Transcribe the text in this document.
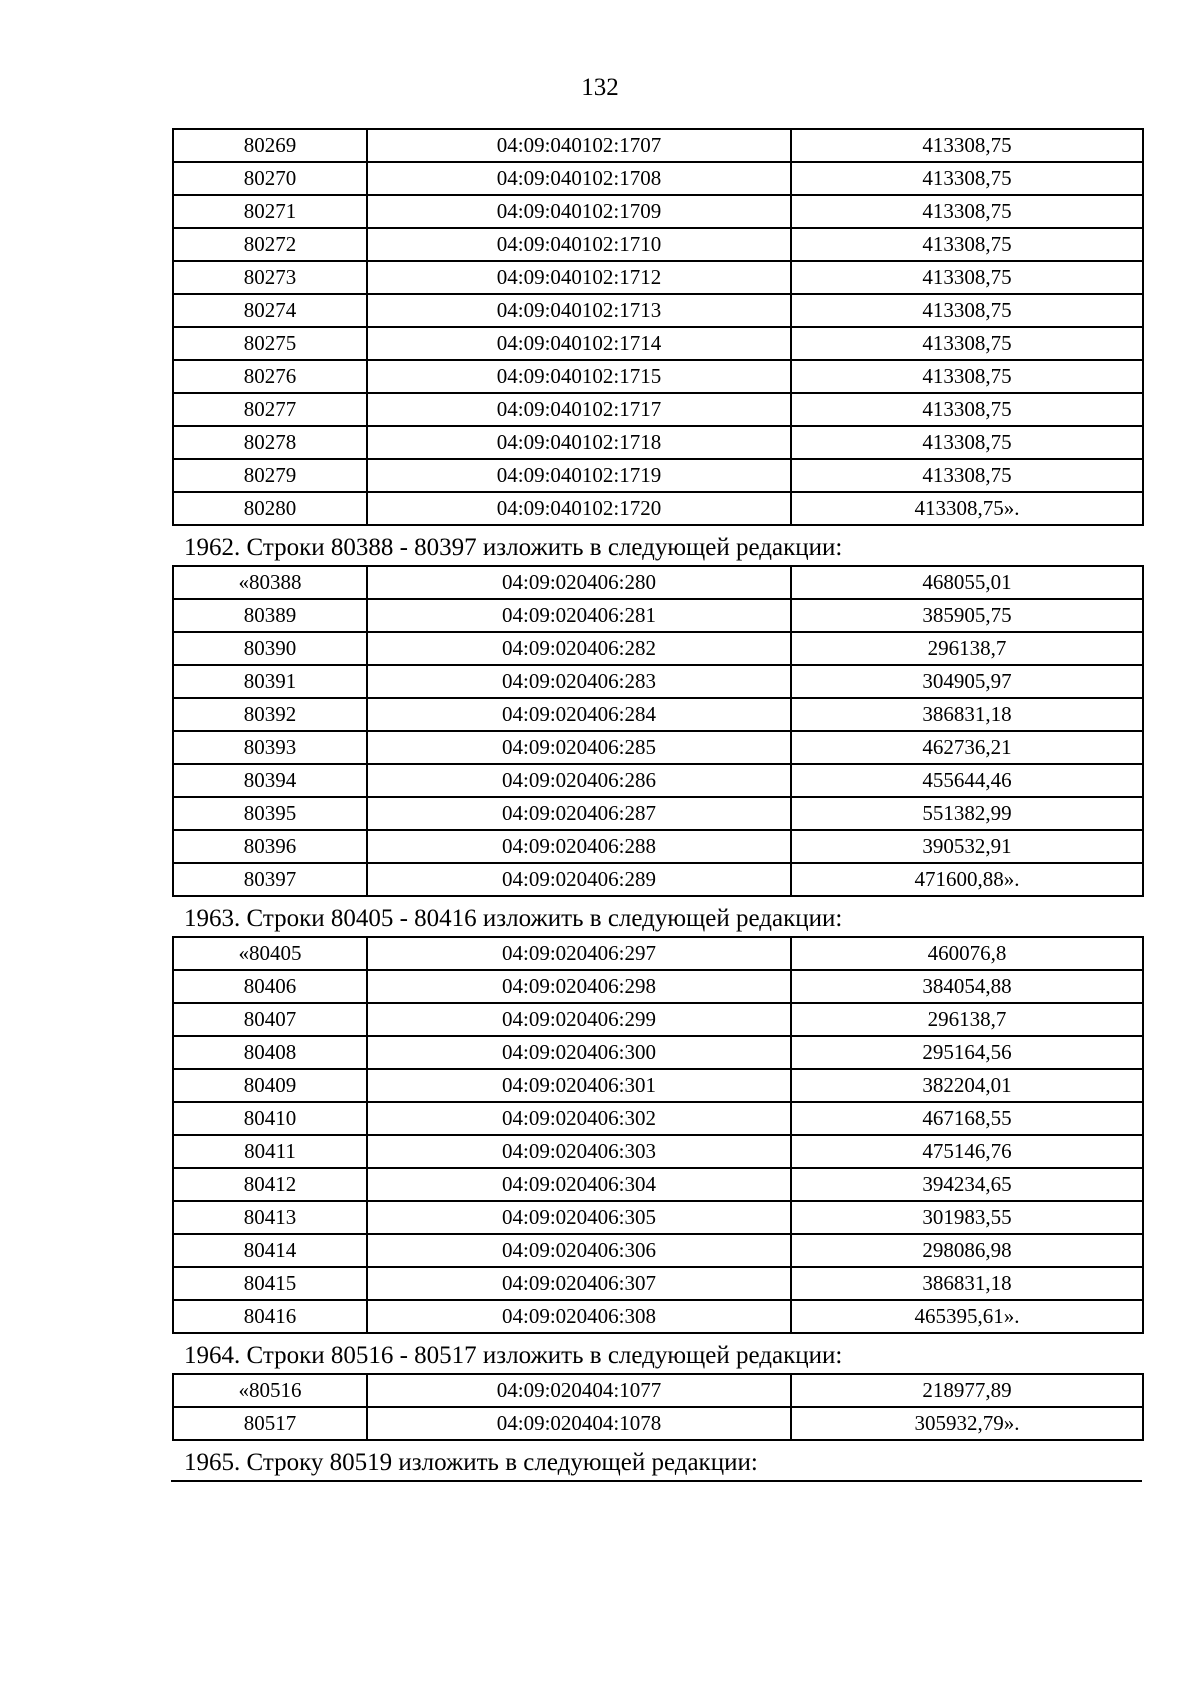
132
80269	04:09:040102:1707	413308,75
80270	04:09:040102:1708	413308,75
80271	04:09:040102:1709	413308,75
80272	04:09:040102:1710	413308,75
80273	04:09:040102:1712	413308,75
80274	04:09:040102:1713	413308,75
80275	04:09:040102:1714	413308,75
80276	04:09:040102:1715	413308,75
80277	04:09:040102:1717	413308,75
80278	04:09:040102:1718	413308,75
80279	04:09:040102:1719	413308,75
80280	04:09:040102:1720	413308,75».
1962. Строки 80388 - 80397 изложить в следующей редакции:
«80388	04:09:020406:280	468055,01
80389	04:09:020406:281	385905,75
80390	04:09:020406:282	296138,7
80391	04:09:020406:283	304905,97
80392	04:09:020406:284	386831,18
80393	04:09:020406:285	462736,21
80394	04:09:020406:286	455644,46
80395	04:09:020406:287	551382,99
80396	04:09:020406:288	390532,91
80397	04:09:020406:289	471600,88».
1963. Строки 80405 - 80416 изложить в следующей редакции:
«80405	04:09:020406:297	460076,8
80406	04:09:020406:298	384054,88
80407	04:09:020406:299	296138,7
80408	04:09:020406:300	295164,56
80409	04:09:020406:301	382204,01
80410	04:09:020406:302	467168,55
80411	04:09:020406:303	475146,76
80412	04:09:020406:304	394234,65
80413	04:09:020406:305	301983,55
80414	04:09:020406:306	298086,98
80415	04:09:020406:307	386831,18
80416	04:09:020406:308	465395,61».
1964. Строки 80516 - 80517 изложить в следующей редакции:
«80516	04:09:020404:1077	218977,89
80517	04:09:020404:1078	305932,79».
1965. Строку 80519 изложить в следующей редакции:
